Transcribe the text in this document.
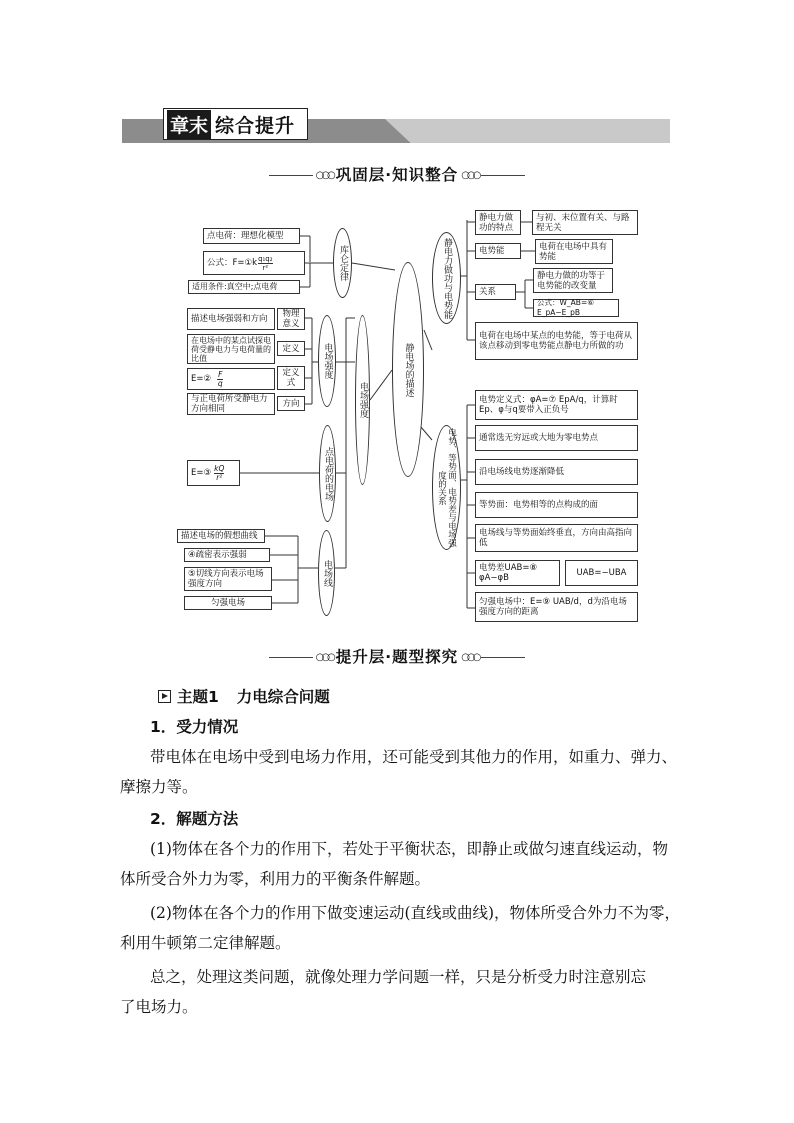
章末 综合提升
○○○ 巩固层·知识整合 ○○○
点电荷：理想化模型
公式：F=①k $\frac{\text{q₁q₂}}{\text{r²}}$
适用条件:真空中;点电荷
库仑定律
描述电场强弱和方向	物理意义
在电场中的某点试探电荷受静电力与电荷量的比值
定义
E=② $\frac{F}{q}$	定义式
与正电荷所受静电力方向相同
方向
电场强度
电场强度
静电场的描述
E=③ $\frac{kQ}{\text{r²}}$	点电荷的电场
描述电场的假想曲线
④疏密表示强弱
⑤切线方向表示电场强度方向
匀强电场
电场线
静电力做功与电势能
静电力做功的特点
与初、末位置有关、与路程无关
电势能	电荷在电场中具有势能
关系
静电力做的功等于电势能的改变量
公式：W_AB=⑥ E_pA−E_pB
电荷在电场中某点的电势能，等于电荷从该点移动到零电势能点静电力所做的功
电势、等势面、电势差与电场强度的关系
电势定义式：φA=⑦ EpA/q，计算时Ep、φ与q要带入正负号
通常选无穷远或大地为零电势点
沿电场线电势逐渐降低
等势面：电势相等的点构成的面
电场线与等势面始终垂直，方向由高指向低
电势差UAB=⑧ φA−φB	UAB=−UBA
匀强电场中：E=⑨ UAB/d，d为沿电场强度方向的距离
○○○ 提升层·题型探究 ○○○
主题1 力电综合问题
1．受力情况
带电体在电场中受到电场力作用，还可能受到其他力的作用，如重力、弹力、摩擦力等。
2．解题方法
(1)物体在各个力的作用下，若处于平衡状态，即静止或做匀速直线运动，物体所受合外力为零，利用力的平衡条件解题。
(2)物体在各个力的作用下做变速运动(直线或曲线)，物体所受合外力不为零，利用牛顿第二定律解题。
总之，处理这类问题，就像处理力学问题一样，只是分析受力时注意别忘了电场力。
